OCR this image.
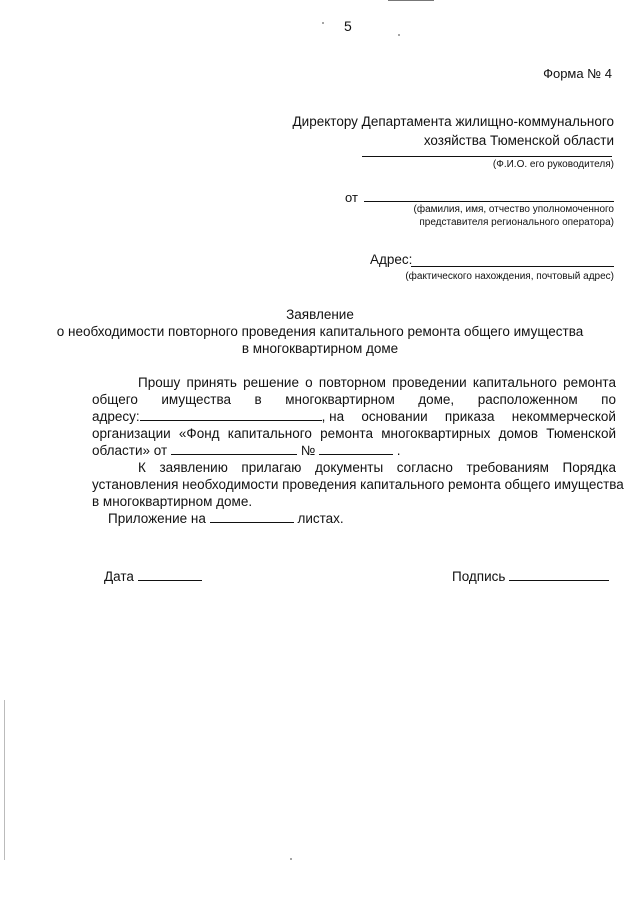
5
Форма № 4
Директору Департамента жилищно-коммунального
хозяйства Тюменской области
(Ф.И.О. его руководителя)
от
(фамилия, имя, отчество уполномоченного
представителя регионального оператора)
Адрес:
(фактического нахождения, почтовый адрес)
Заявление
о необходимости повторного проведения капитального ремонта общего имущества
в многоквартирном доме
Прошу принять решение о повторном проведении капитального ремонта
общего имущества в многоквартирном доме, расположенном по
адресу:	, на основании приказа некоммерческой
организации «Фонд капитального ремонта многоквартирных домов Тюменской
области» от	№	.
К заявлению прилагаю документы согласно требованиям Порядка
установления необходимости проведения капитального ремонта общего имущества
в многоквартирном доме.
Приложение на	листах.
Дата	Подпись
